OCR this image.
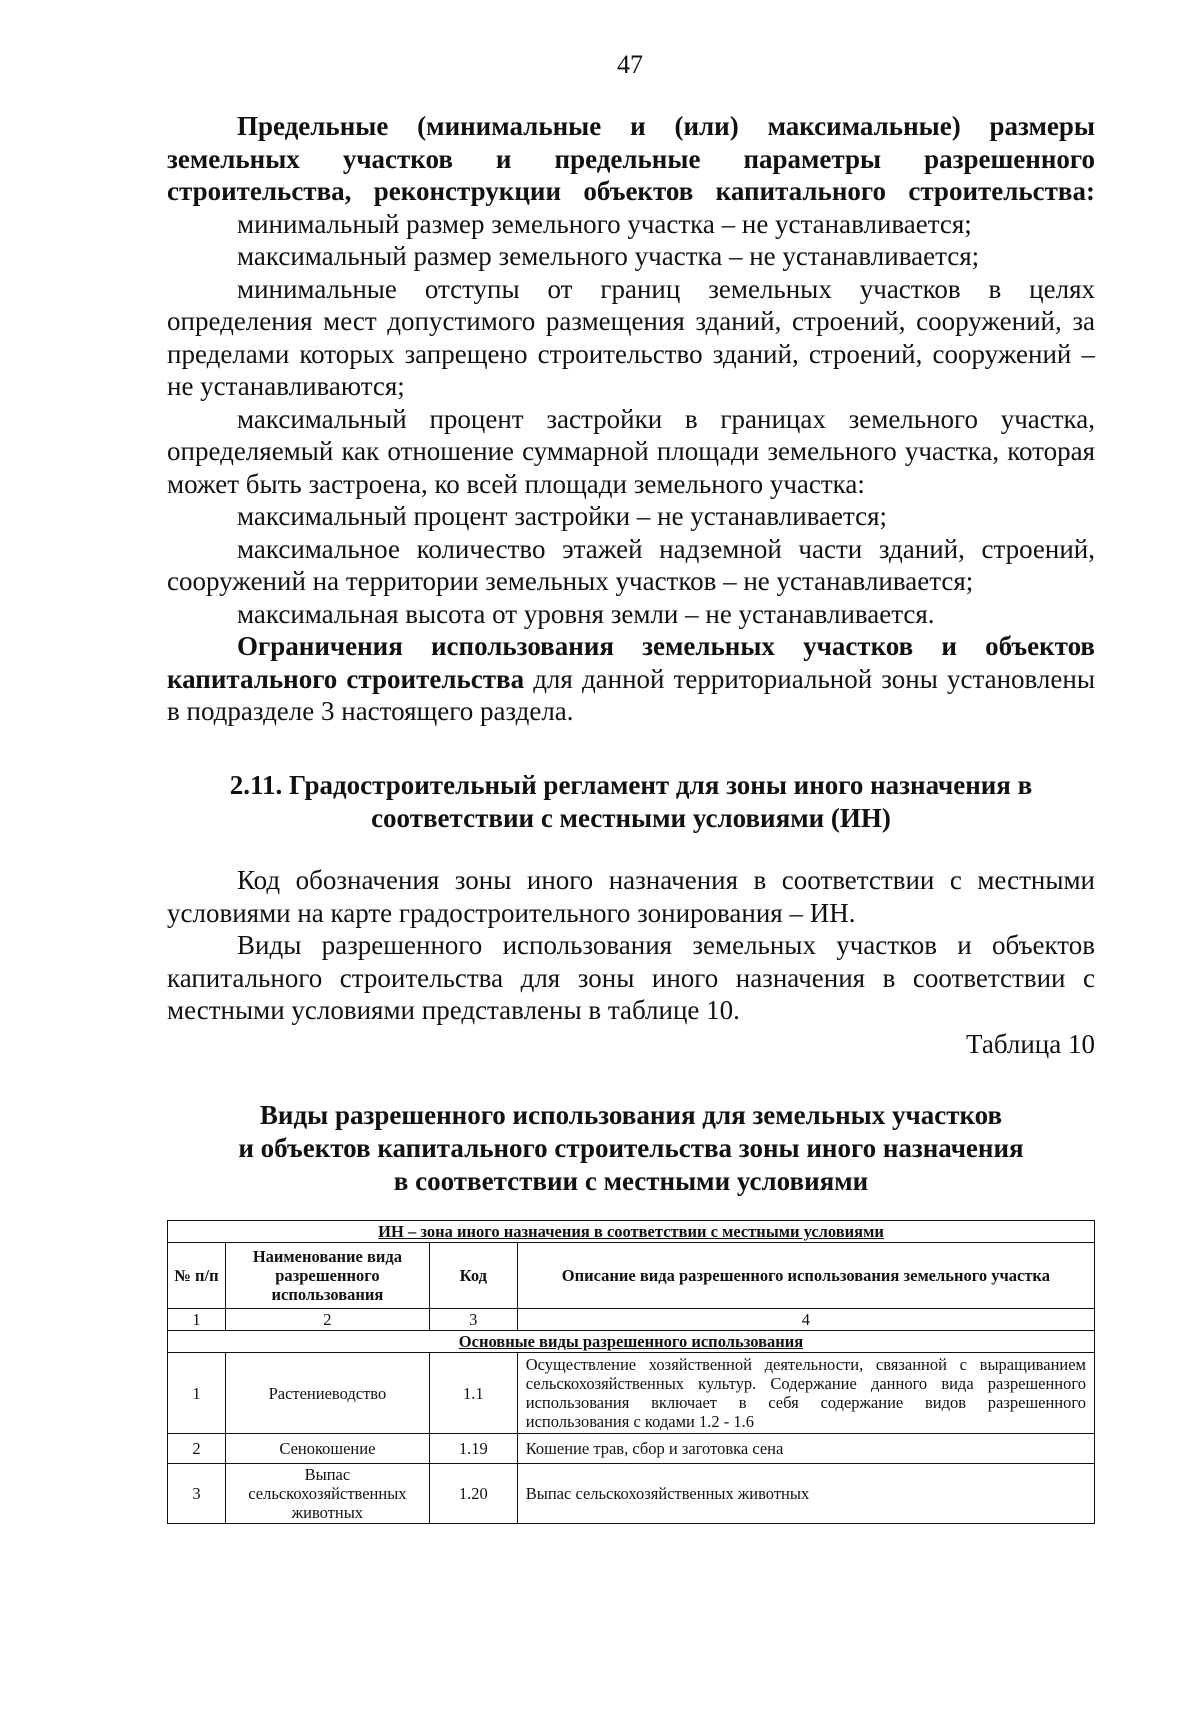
47

Предельные (минимальные и (или) максимальные) размеры земельных участков и предельные параметры разрешенного строительства, реконструкции объектов капитального строительства:

минимальный размер земельного участка – не устанавливается;

максимальный размер земельного участка – не устанавливается;

минимальные отступы от границ земельных участков в целях определения мест допустимого размещения зданий, строений, сооружений, за пределами которых запрещено строительство зданий, строений, сооружений – не устанавливаются;

максимальный процент застройки в границах земельного участка, определяемый как отношение суммарной площади земельного участка, которая может быть застроена, ко всей площади земельного участка:

максимальный процент застройки – не устанавливается;

максимальное количество этажей надземной части зданий, строений, сооружений на территории земельных участков – не устанавливается;

максимальная высота от уровня земли – не устанавливается.

Ограничения использования земельных участков и объектов капитального строительства для данной территориальной зоны установлены в подразделе 3 настоящего раздела.

2.11. Градостроительный регламент для зоны иного назначения в
соответствии с местными условиями (ИН)

Код обозначения зоны иного назначения в соответствии с местными условиями на карте градостроительного зонирования – ИН.

Виды разрешенного использования земельных участков и объектов капитального строительства для зоны иного назначения в соответствии с местными условиями представлены в таблице 10.

Таблица 10
Виды разрешенного использования для земельных участков
и объектов капитального строительства зоны иного назначения
в соответствии с местными условиями
ИН – зона иного назначения в соответствии с местными условиями			
№ п/п	Наименование вида разрешенного использования	Код	Описание вида разрешенного использования земельного участка
1	2	3	4
Основные виды разрешенного использования			
1	Растениеводство	1.1	Осуществление хозяйственной деятельности, связанной с выращиванием сельскохозяйственных культур. Содержание данного вида разрешенного использования включает в себя содержание видов разрешенного использования с кодами 1.2 - 1.6
2	Сенокошение	1.19	Кошение трав, сбор и заготовка сена
3	Выпас сельскохозяйственных животных	1.20	Выпас сельскохозяйственных животных
